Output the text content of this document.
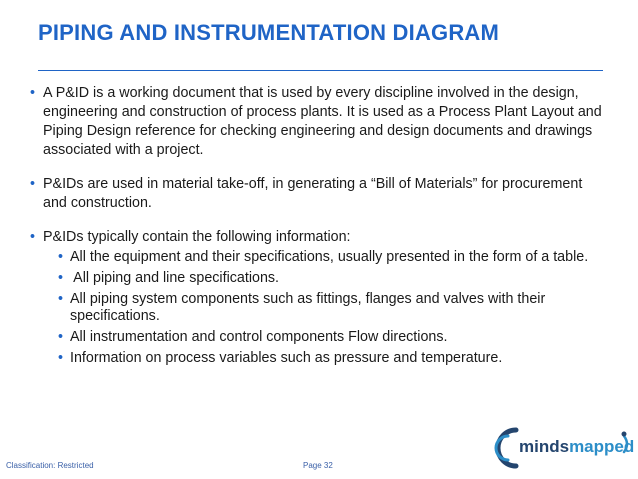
PIPING AND INSTRUMENTATION DIAGRAM
• A P&ID is a working document that is used by every discipline involved in the design, engineering and construction of process plants. It is used as a Process Plant Layout and Piping Design reference for checking engineering and design documents and drawings associated with a project.
• P&IDs are used in material take-off, in generating a “Bill of Materials” for procurement and construction.
• P&IDs typically contain the following information:
• All the equipment and their specifications, usually presented in the form of a table.
• All piping and line specifications.
• All piping system components such as fittings, flanges and valves with their specifications.
• All instrumentation and control components Flow directions.
• Information on process variables such as pressure and temperature.
Classification: Restricted	Page 32
mindsmapped
